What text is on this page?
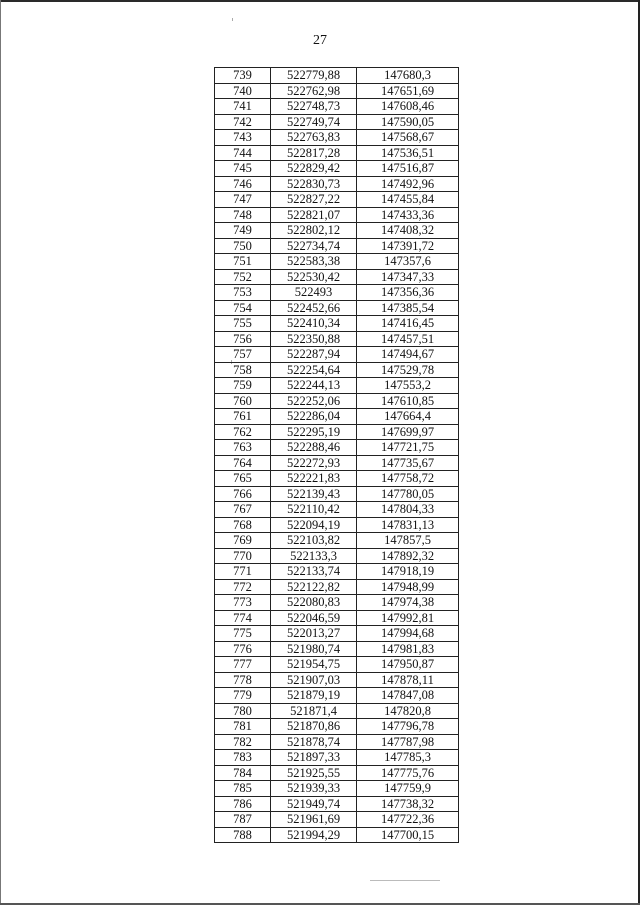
27
739	522779,88	147680,3
740	522762,98	147651,69
741	522748,73	147608,46
742	522749,74	147590,05
743	522763,83	147568,67
744	522817,28	147536,51
745	522829,42	147516,87
746	522830,73	147492,96
747	522827,22	147455,84
748	522821,07	147433,36
749	522802,12	147408,32
750	522734,74	147391,72
751	522583,38	147357,6
752	522530,42	147347,33
753	522493	147356,36
754	522452,66	147385,54
755	522410,34	147416,45
756	522350,88	147457,51
757	522287,94	147494,67
758	522254,64	147529,78
759	522244,13	147553,2
760	522252,06	147610,85
761	522286,04	147664,4
762	522295,19	147699,97
763	522288,46	147721,75
764	522272,93	147735,67
765	522221,83	147758,72
766	522139,43	147780,05
767	522110,42	147804,33
768	522094,19	147831,13
769	522103,82	147857,5
770	522133,3	147892,32
771	522133,74	147918,19
772	522122,82	147948,99
773	522080,83	147974,38
774	522046,59	147992,81
775	522013,27	147994,68
776	521980,74	147981,83
777	521954,75	147950,87
778	521907,03	147878,11
779	521879,19	147847,08
780	521871,4	147820,8
781	521870,86	147796,78
782	521878,74	147787,98
783	521897,33	147785,3
784	521925,55	147775,76
785	521939,33	147759,9
786	521949,74	147738,32
787	521961,69	147722,36
788	521994,29	147700,15
